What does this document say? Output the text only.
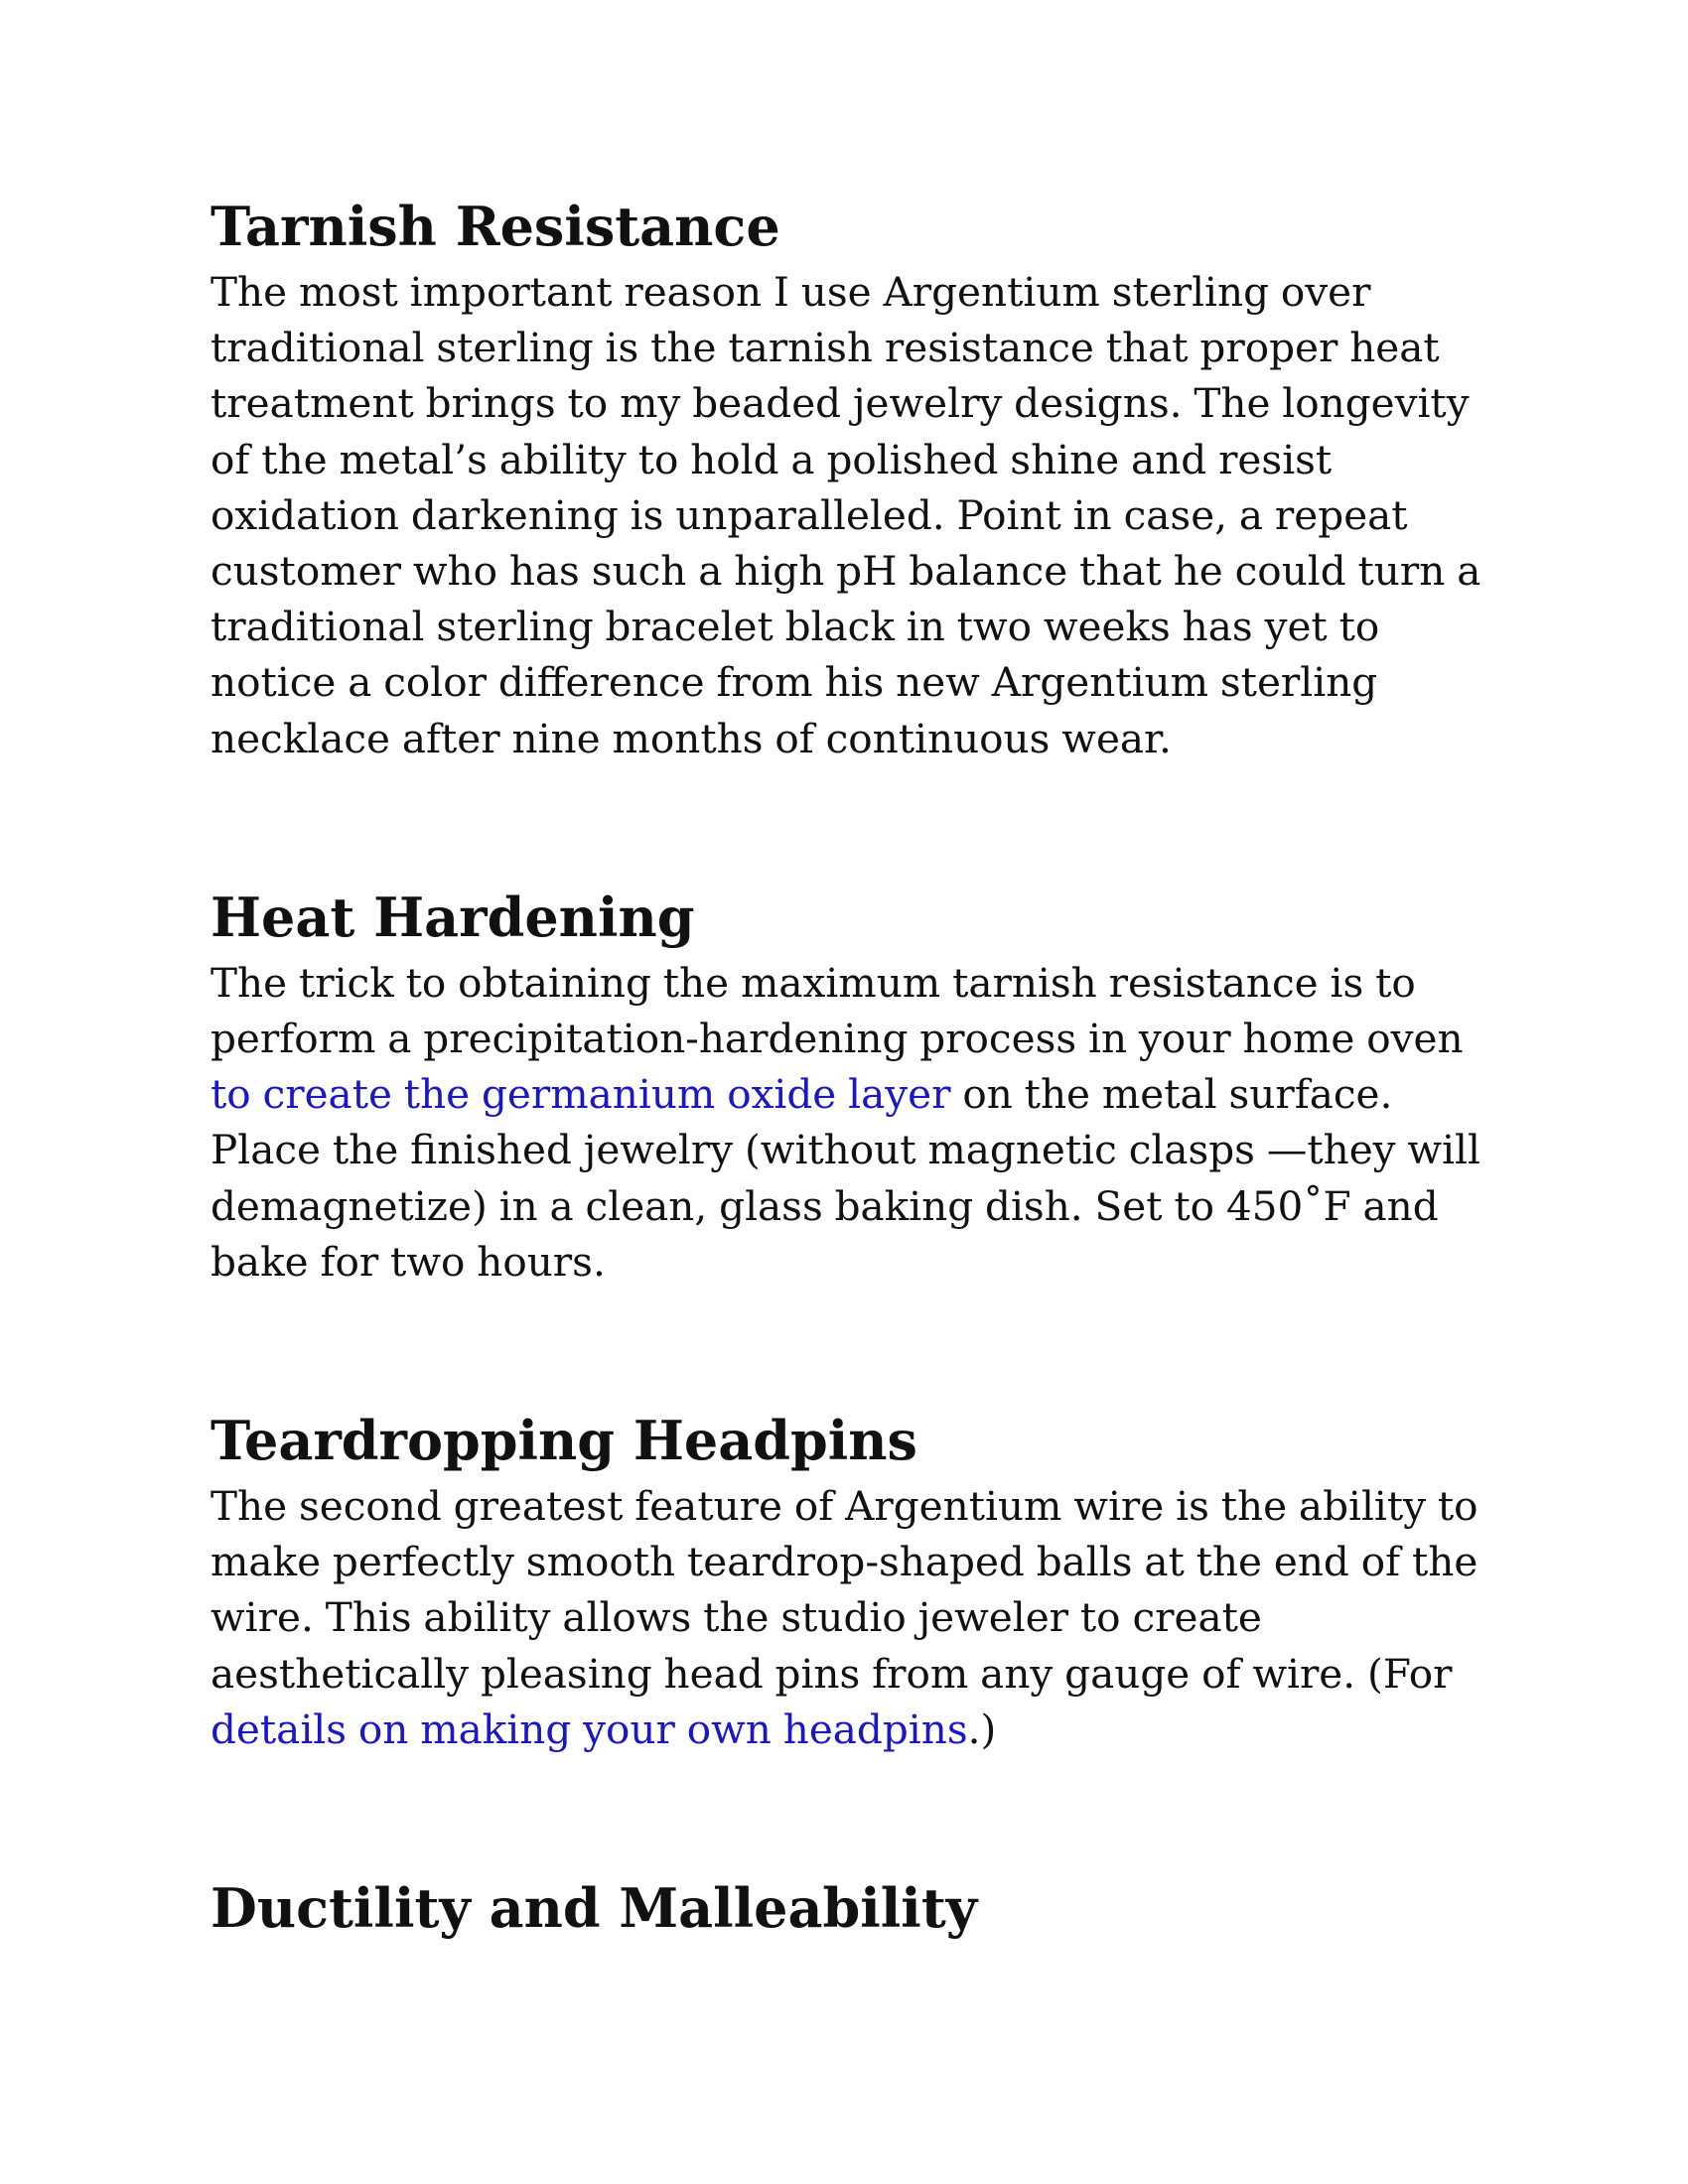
Tarnish Resistance

The most important reason I use Argentium sterling over traditional sterling is the tarnish resistance that proper heat treatment brings to my beaded jewelry designs. The longevity of the metal’s ability to hold a polished shine and resist oxidation darkening is unparalleled. Point in case, a repeat customer who has such a high pH balance that he could turn a traditional sterling bracelet black in two weeks has yet to notice a color difference from his new Argentium sterling necklace after nine months of continuous wear.

Heat Hardening

The trick to obtaining the maximum tarnish resistance is to perform a precipitation-hardening process in your home oven to create the germanium oxide layer on the metal surface. Place the finished jewelry (without magnetic clasps —they will demagnetize) in a clean, glass baking dish. Set to 450˚F and bake for two hours.

Teardropping Headpins

The second greatest feature of Argentium wire is the ability to make perfectly smooth teardrop-shaped balls at the end of the wire. This ability allows the studio jeweler to create aesthetically pleasing head pins from any gauge of wire. (For details on making your own headpins.)

Ductility and Malleability
